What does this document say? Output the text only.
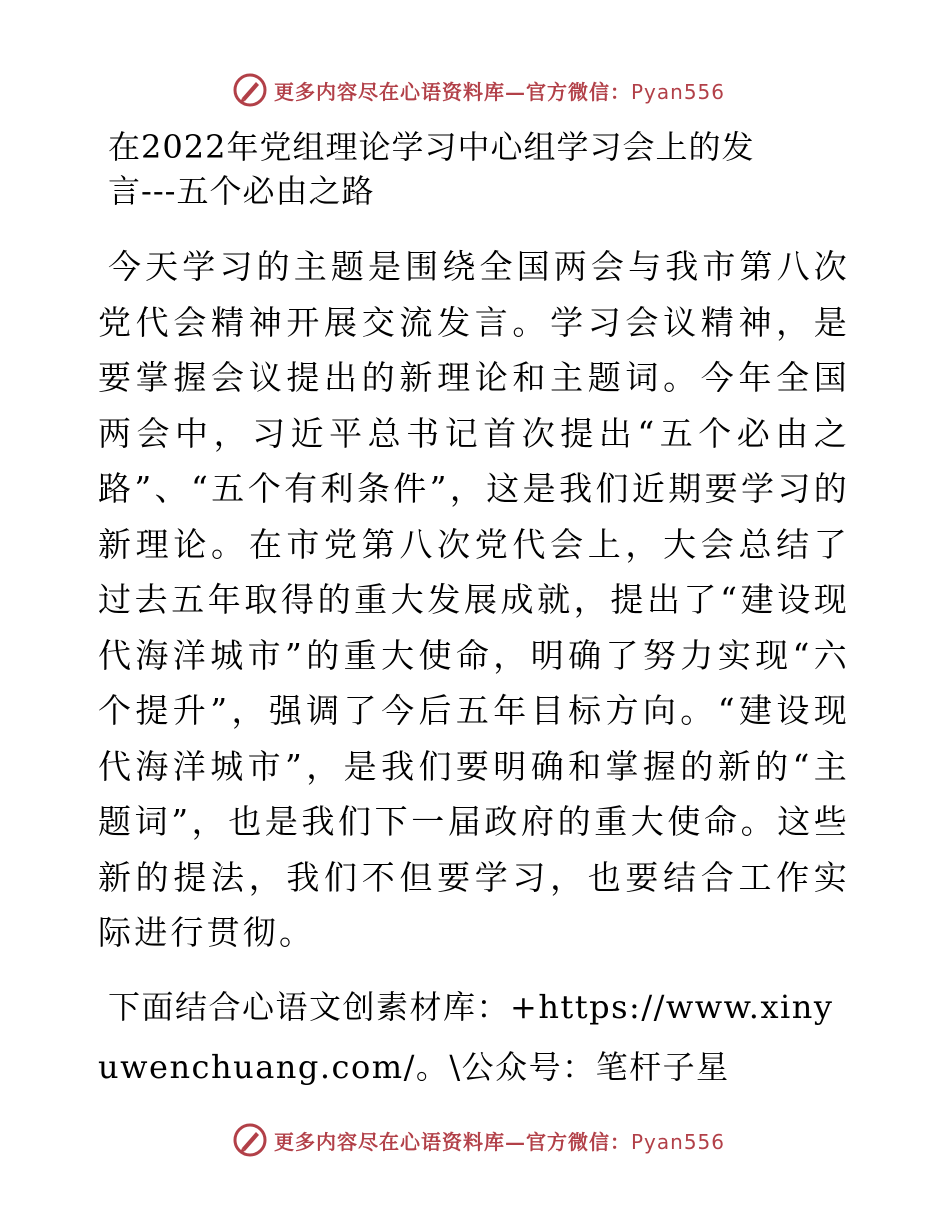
更多内容尽在心语资料库—官方微信：Pyan556
在2022年党组理论学习中心组学习会上的发言---五个必由之路

今天学习的主题是围绕全国两会与我市第八次党代会精神开展交流发言。学习会议精神，是要掌握会议提出的新理论和主题词。今年全国两会中，习近平总书记首次提出“五个必由之路”、“五个有利条件”，这是我们近期要学习的新理论。在市党第八次党代会上，大会总结了过去五年取得的重大发展成就，提出了“建设现代海洋城市”的重大使命，明确了努力实现“六个提升”，强调了今后五年目标方向。“建设现代海洋城市”，是我们要明确和掌握的新的“主题词”，也是我们下一届政府的重大使命。这些新的提法，我们不但要学习，也要结合工作实际进行贯彻。

下面结合心语文创素材库：+https://www.xinyuwenchuang.com/。\公众号：笔杆子星

更多内容尽在心语资料库—官方微信：Pyan556
